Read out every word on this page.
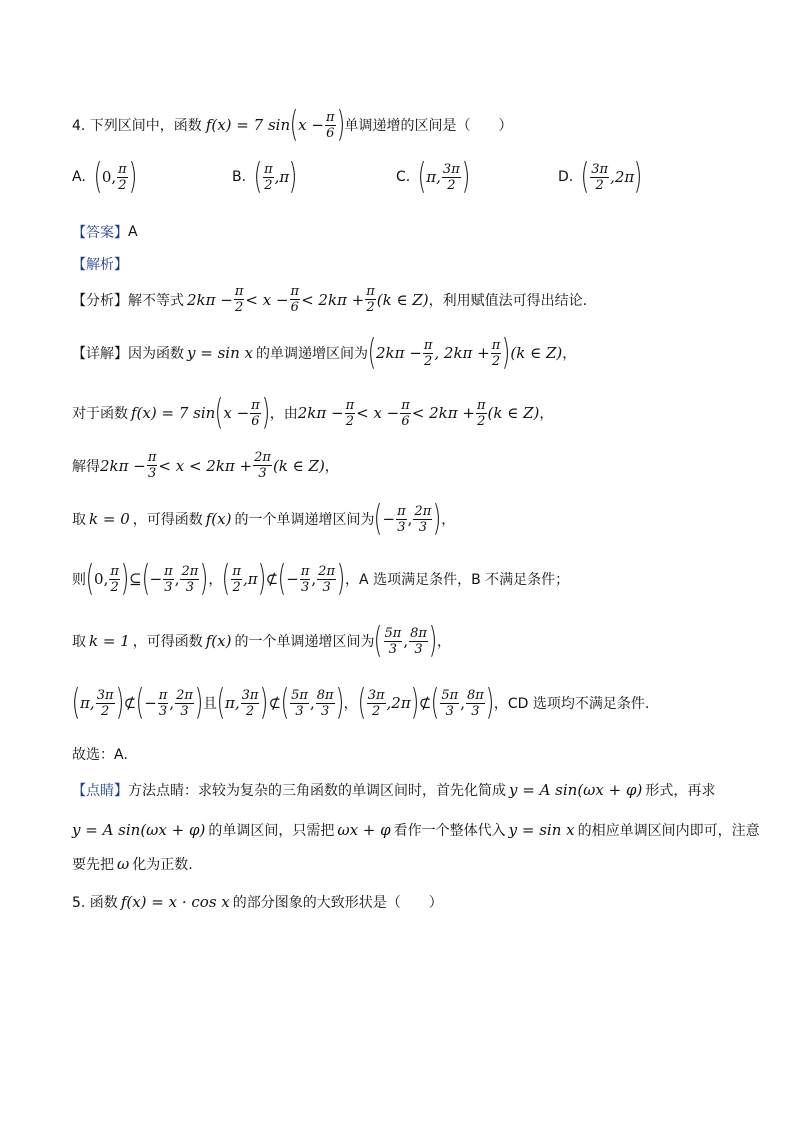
4. 下列区间中，函数 f(x) = 7 sin ( x − π
6 ) 单调递增的区间是（　　）
A. ( 0, π
2 )	B. ( π
2 ,π )	C. ( π, 3π
2 )	D. ( 3π
2 ,2π )
【答案】 A
【解析】
【分析】 解不等式 2kπ − π
2 < x − π
6 < 2kπ + π
2 (k ∈ Z) ，利用赋值法可得出结论.
【详解】 因为函数 y = sin x 的单调递增区间为 ( 2kπ − π
2 , 2kπ + π
2 ) (k ∈ Z) ，
对于函数 f(x) = 7 sin ( x − π
6 ) ，由 2kπ − π
2 < x − π
6 < 2kπ + π
2 (k ∈ Z) ，
解得 2kπ − π
3 < x < 2kπ + 2π
3 (k ∈ Z) ，
取 k = 0 ，可得函数 f(x) 的一个单调递增区间为 ( − π
3 , 2π
3 ) ，
则 ( 0, π
2 ) ⊆ ( − π
3 , 2π
3 ) ， ( π
2 ,π ) ⊄ ( − π
3 , 2π
3 ) ，A 选项满足条件，B 不满足条件；
取 k = 1 ，可得函数 f(x) 的一个单调递增区间为 ( 5π
3 , 8π
3 ) ，
( π, 3π
2 ) ⊄ ( − π
3 , 2π
3 ) 且 ( π, 3π
2 ) ⊄ ( 5π
3 , 8π
3 ) ， ( 3π
2 ,2π ) ⊄ ( 5π
3 , 8π
3 ) ，CD 选项均不满足条件.
故选：A.
【点睛】 方法点睛：求较为复杂的三角函数的单调区间时，首先化简成 y = A sin(ωx + φ) 形式，再求
y = A sin(ωx + φ) 的单调区间，只需把 ωx + φ 看作一个整体代入 y = sin x 的相应单调区间内即可，注意
要先把 ω 化为正数.
5. 函数 f(x) = x · cos x 的部分图象的大致形状是（　　）
